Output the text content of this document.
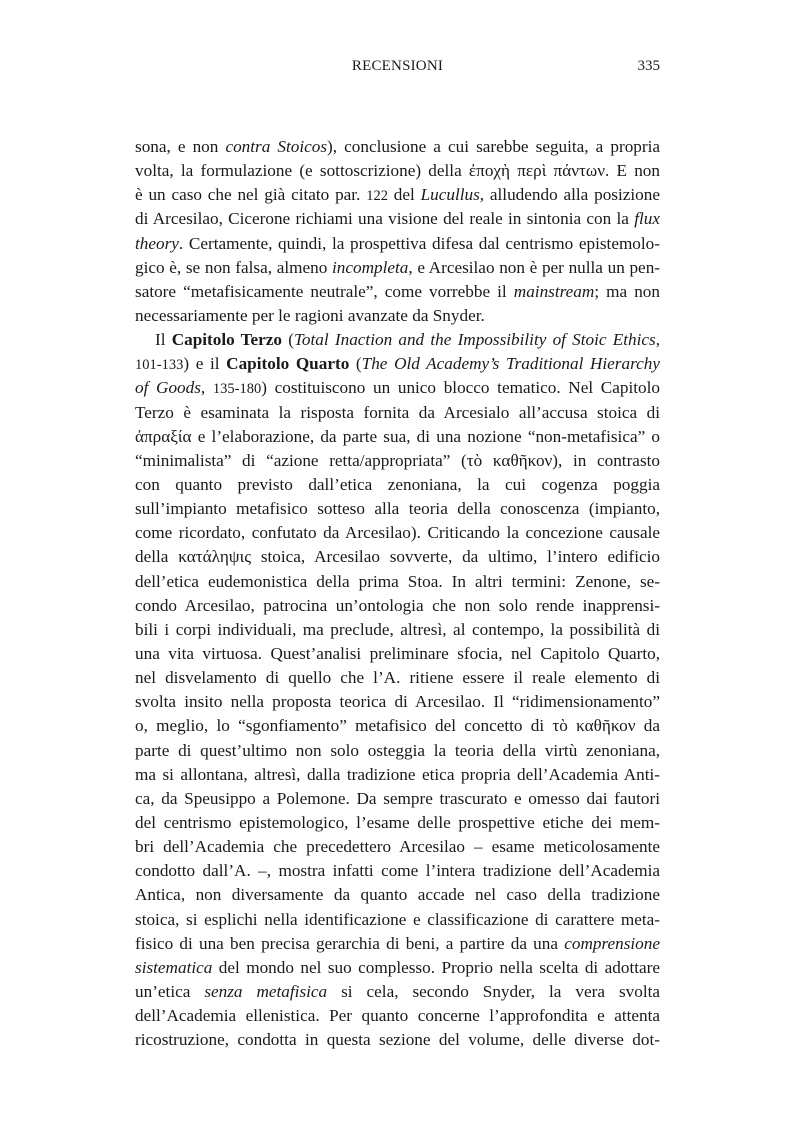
RECENSIONI	335
sona, e non contra Stoicos), conclusione a cui sarebbe seguita, a propria
volta, la formulazione (e sottoscrizione) della ἐποχὴ περὶ πάντων. E non
è un caso che nel già citato par. 122 del Lucullus, alludendo alla posizione
di Arcesilao, Cicerone richiami una visione del reale in sintonia con la flux
theory. Certamente, quindi, la prospettiva difesa dal centrismo epistemolo-
gico è, se non falsa, almeno incompleta, e Arcesilao non è per nulla un pen-
satore “metafisicamente neutrale”, come vorrebbe il mainstream; ma non
necessariamente per le ragioni avanzate da Snyder.
Il Capitolo Terzo (Total Inaction and the Impossibility of Stoic Ethics,
101-133) e il Capitolo Quarto (The Old Academy’s Traditional Hierarchy
of Goods, 135-180) costituiscono un unico blocco tematico. Nel Capitolo
Terzo è esaminata la risposta fornita da Arcesialo all’accusa stoica di
ἀπραξία e l’elaborazione, da parte sua, di una nozione “non-metafisica” o
“minimalista” di “azione retta/appropriata” (τὸ καθῆκον), in contrasto
con quanto previsto dall’etica zenoniana, la cui cogenza poggia
sull’impianto metafisico sotteso alla teoria della conoscenza (impianto,
come ricordato, confutato da Arcesilao). Criticando la concezione causale
della κατάληψις stoica, Arcesilao sovverte, da ultimo, l’intero edificio
dell’etica eudemonistica della prima Stoa. In altri termini: Zenone, se-
condo Arcesilao, patrocina un’ontologia che non solo rende inapprensi-
bili i corpi individuali, ma preclude, altresì, al contempo, la possibilità di
una vita virtuosa. Quest’analisi preliminare sfocia, nel Capitolo Quarto,
nel disvelamento di quello che l’A. ritiene essere il reale elemento di
svolta insito nella proposta teorica di Arcesilao. Il “ridimensionamento”
o, meglio, lo “sgonfiamento” metafisico del concetto di τὸ καθῆκον da
parte di quest’ultimo non solo osteggia la teoria della virtù zenoniana,
ma si allontana, altresì, dalla tradizione etica propria dell’Academia Anti-
ca, da Speusippo a Polemone. Da sempre trascurato e omesso dai fautori
del centrismo epistemologico, l’esame delle prospettive etiche dei mem-
bri dell’Academia che precedettero Arcesilao – esame meticolosamente
condotto dall’A. –, mostra infatti come l’intera tradizione dell’Academia
Antica, non diversamente da quanto accade nel caso della tradizione
stoica, si esplichi nella identificazione e classificazione di carattere meta-
fisico di una ben precisa gerarchia di beni, a partire da una comprensione
sistematica del mondo nel suo complesso. Proprio nella scelta di adottare
un’etica senza metafisica si cela, secondo Snyder, la vera svolta
dell’Academia ellenistica. Per quanto concerne l’approfondita e attenta
ricostruzione, condotta in questa sezione del volume, delle diverse dot-
